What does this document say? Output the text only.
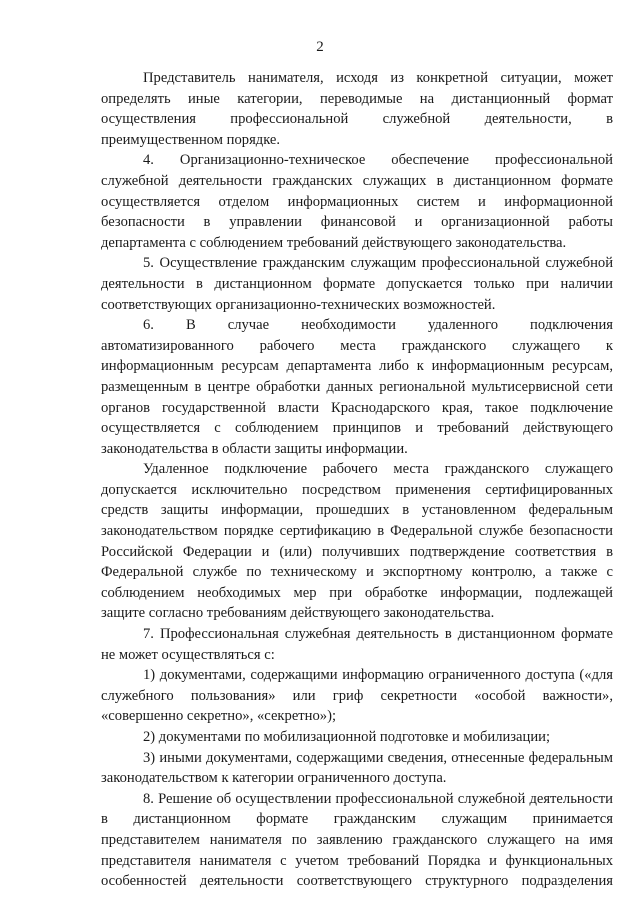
2
Представитель нанимателя, исходя из конкретной ситуации, может
определять иные категории, переводимые на дистанционный формат
осуществления профессиональной служебной деятельности, в
преимущественном порядке.
4. Организационно-техническое обеспечение профессиональной
служебной деятельности гражданских служащих в дистанционном формате
осуществляется отделом информационных систем и информационной
безопасности в управлении финансовой и организационной работы
департамента с соблюдением требований действующего законодательства.
5. Осуществление гражданским служащим профессиональной служебной
деятельности в дистанционном формате допускается только при наличии
соответствующих организационно-технических возможностей.
6. В случае необходимости удаленного подключения
автоматизированного рабочего места гражданского служащего к
информационным ресурсам департамента либо к информационным ресурсам,
размещенным в центре обработки данных региональной мультисервисной сети
органов государственной власти Краснодарского края, такое подключение
осуществляется с соблюдением принципов и требований действующего
законодательства в области защиты информации.
Удаленное подключение рабочего места гражданского служащего
допускается исключительно посредством применения сертифицированных
средств защиты информации, прошедших в установленном федеральным
законодательством порядке сертификацию в Федеральной службе безопасности
Российской Федерации и (или) получивших подтверждение соответствия в
Федеральной службе по техническому и экспортному контролю, а также с
соблюдением необходимых мер при обработке информации, подлежащей
защите согласно требованиям действующего законодательства.
7. Профессиональная служебная деятельность в дистанционном формате
не может осуществляться с:
1) документами, содержащими информацию ограниченного доступа («для
служебного пользования» или гриф секретности «особой важности»,
«совершенно секретно», «секретно»);
2) документами по мобилизационной подготовке и мобилизации;
3) иными документами, содержащими сведения, отнесенные федеральным
законодательством к категории ограниченного доступа.
8. Решение об осуществлении профессиональной служебной деятельности
в дистанционном формате гражданским служащим принимается
представителем нанимателя по заявлению гражданского служащего на имя
представителя нанимателя с учетом требований Порядка и функциональных
особенностей деятельности соответствующего структурного подразделения
